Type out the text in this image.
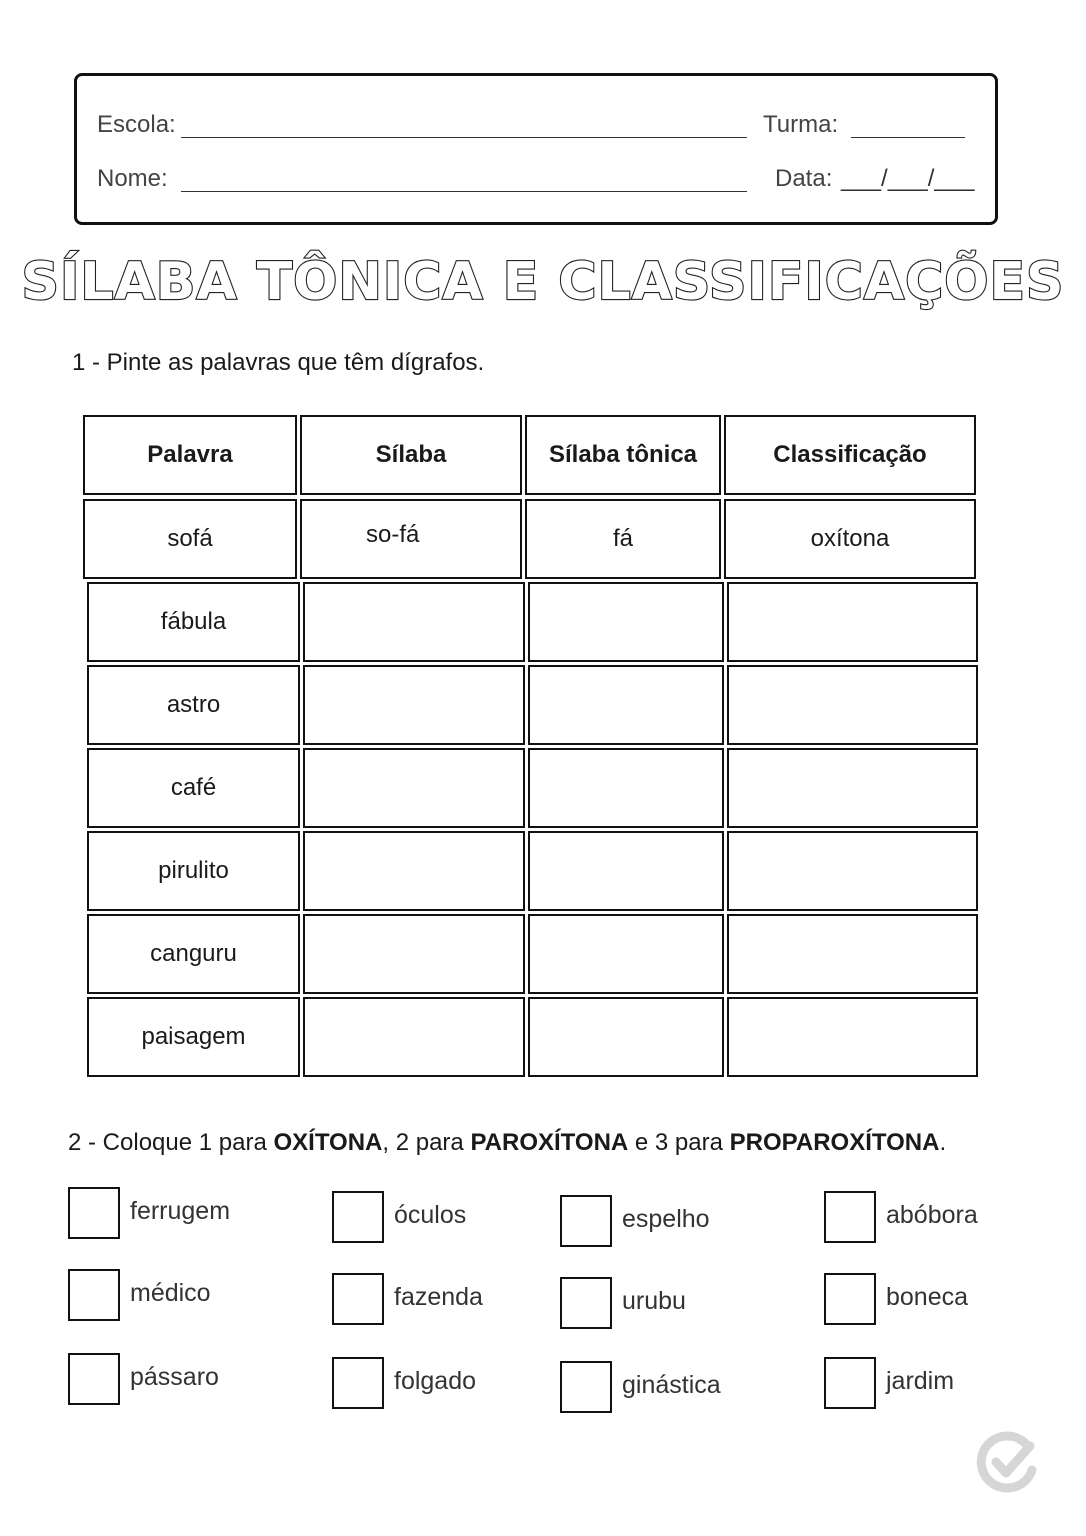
Escola:	Turma:
Nome:	Data: ___/___/___
SÍLABA TÔNICA E CLASSIFICAÇÕES
1 - Pinte as palavras que têm dígrafos.
Palavra	Sílaba	Sílaba tônica	Classificação
sofá	so-fá	fá	oxítona
fábula
astro
café
pirulito
canguru
paisagem
2 - Coloque 1 para OXÍTONA, 2 para PAROXÍTONA e 3 para PROPAROXÍTONA.
ferrugem	óculos	espelho	abóbora
médico	fazenda	urubu	boneca
pássaro	folgado	ginástica	jardim
